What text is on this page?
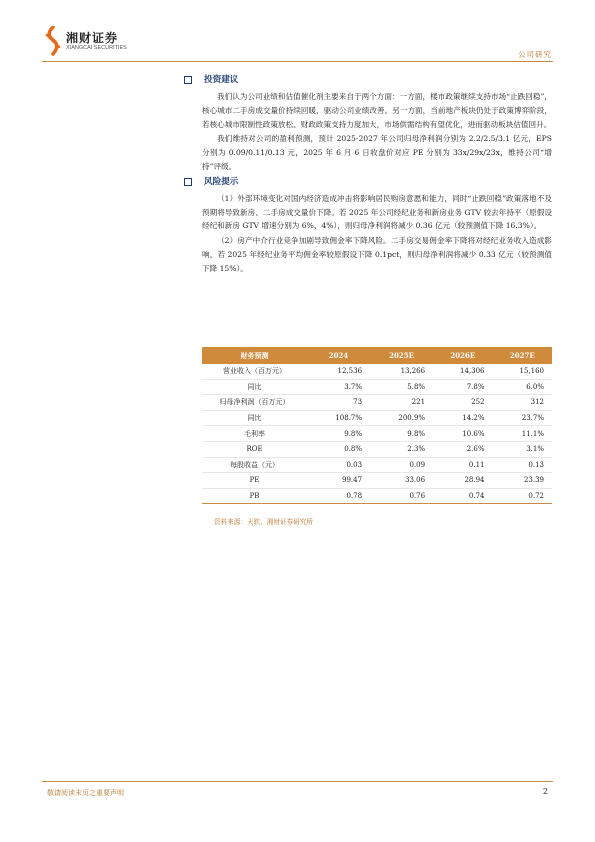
湘财证券
XIANGCAI SECURITIES
公司研究
投资建议

我们认为公司业绩和估值催化剂主要来自于两个方面：一方面，楼市政策继续支持市场“止跌回稳”，核心城市二手房成交量价持续回暖，驱动公司业绩改善。另一方面，当前地产板块仍处于政策博弈阶段，若核心城市限制性政策放松、财政政策支持力度加大，市场供需结构有望优化，进而驱动板块估值回升。

我们维持对公司的盈利预测，预计 2025-2027 年公司归母净利润分别为 2.2/2.5/3.1 亿元，EPS 分别为 0.09/0.11/0.13 元，2025 年 6 月 6 日收盘价对应 PE 分别为 33x/29x/23x，维持公司“增持”评级。

风险提示

（1）外部环境变化对国内经济造成冲击将影响居民购房意愿和能力，同时“止跌回稳”政策落地不及预期将导致新房、二手房成交量价下降。若 2025 年公司经纪业务和新房业务 GTV 较去年持平（原假设经纪和新房 GTV 增速分别为 6%、4%），则归母净利润将减少 0.36 亿元（较预测值下降 16.3%）。

（2）房产中介行业竞争加剧导致佣金率下降风险。二手房交易佣金率下降将对经纪业务收入造成影响，若 2025 年经纪业务平均佣金率较原假设下降 0.1pct，则归母净利润将减少 0.33 亿元（较预测值下降 15%）。

财务预测	2024	2025E	2026E	2027E
营业收入（百万元）	12,536	13,266	14,306	15,160
同比	3.7%	5.8%	7.8%	6.0%
归母净利润（百万元）	73	221	252	312
同比	108.7%	200.9%	14.2%	23.7%
毛利率	9.8%	9.8%	10.6%	11.1%
ROE	0.8%	2.3%	2.6%	3.1%
每股收益（元）	0.03	0.09	0.11	0.13
PE	99.47	33.06	28.94	23.39
PB	0.78	0.76	0.74	0.72
资料来源：天软、湘财证券研究所
敬请阅读末页之重要声明	2
